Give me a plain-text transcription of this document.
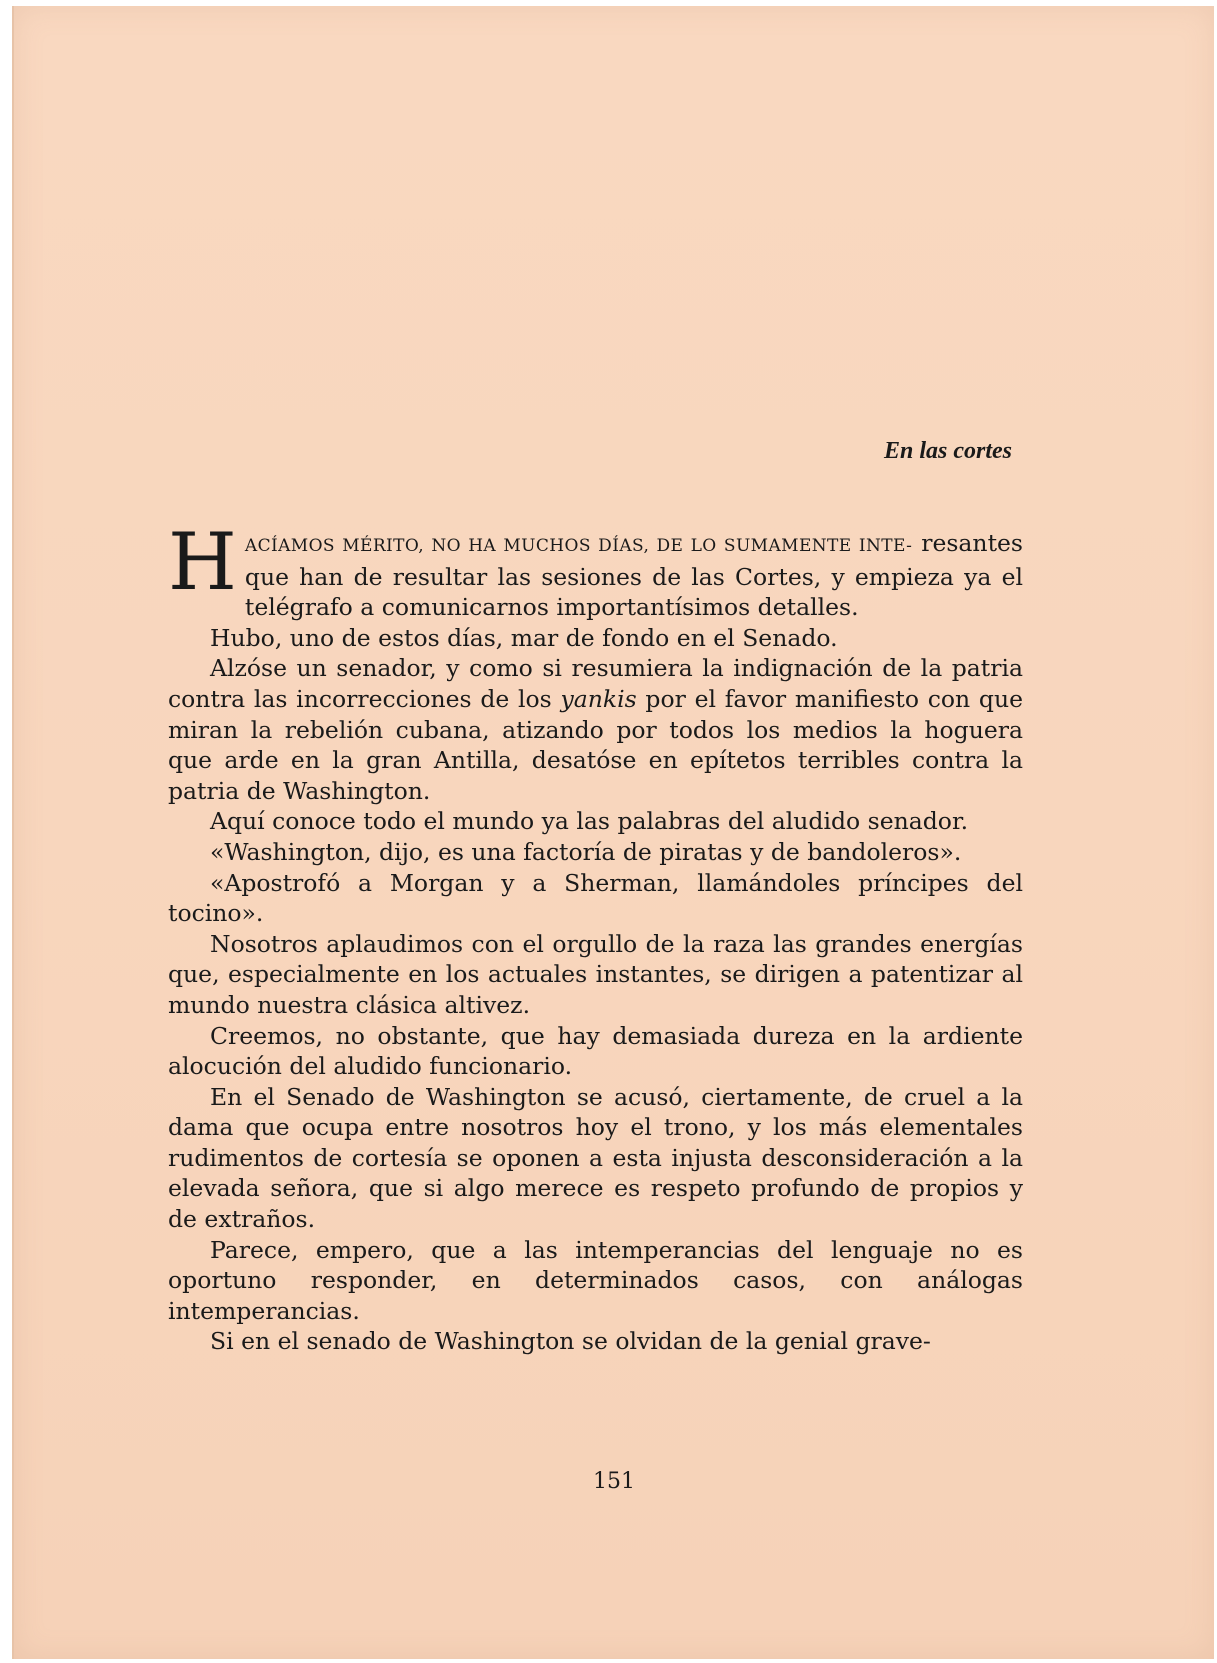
En las cortes

HACÍAMOS MÉRITO, NO HA MUCHOS DÍAS, DE LO SUMAMENTE INTE- resantes que han de resultar las sesiones de las Cortes, y empieza ya el telégrafo a comunicarnos importantísimos detalles.

Hubo, uno de estos días, mar de fondo en el Senado.

Alzóse un senador, y como si resumiera la indignación de la patria contra las incorrecciones de los yankis por el favor manifiesto con que miran la rebelión cubana, atizando por todos los medios la hoguera que arde en la gran Antilla, desatóse en epítetos terribles contra la patria de Washington.

Aquí conoce todo el mundo ya las palabras del aludido senador.

«Washington, dijo, es una factoría de piratas y de bandoleros».

«Apostrofó a Morgan y a Sherman, llamándoles príncipes del tocino».

Nosotros aplaudimos con el orgullo de la raza las grandes energías que, especialmente en los actuales instantes, se dirigen a patentizar al mundo nuestra clásica altivez.

Creemos, no obstante, que hay demasiada dureza en la ardiente alocución del aludido funcionario.

En el Senado de Washington se acusó, ciertamente, de cruel a la dama que ocupa entre nosotros hoy el trono, y los más elementales rudimentos de cortesía se oponen a esta injusta desconsideración a la elevada señora, que si algo merece es respeto profundo de propios y de extraños.

Parece, empero, que a las intemperancias del lenguaje no es oportuno responder, en determinados casos, con análogas intemperancias.

Si en el senado de Washington se olvidan de la genial grave-

151
